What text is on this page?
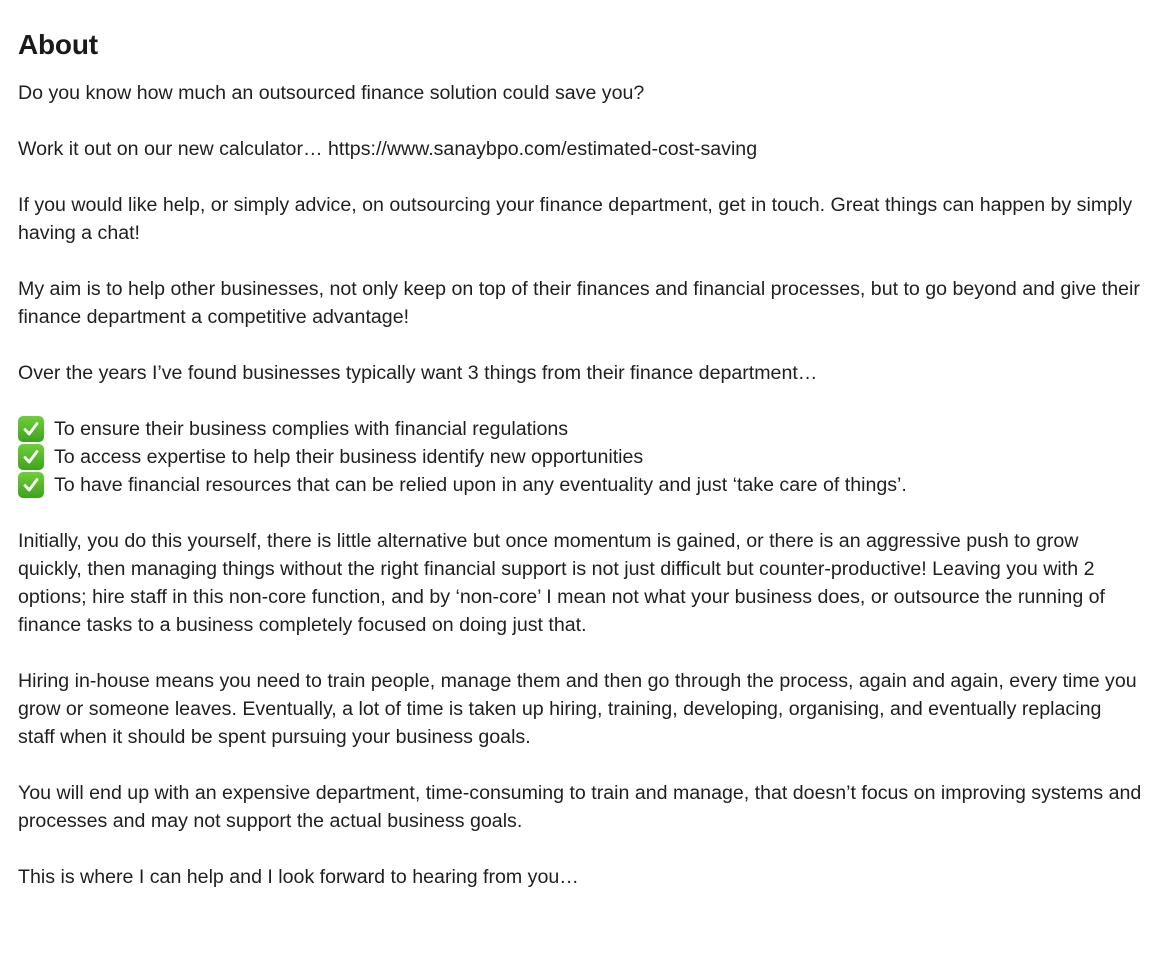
About

Do you know how much an outsourced finance solution could save you?

Work it out on our new calculator… https://www.sanaybpo.com/estimated-cost-saving

If you would like help, or simply advice, on outsourcing your finance department, get in touch. Great things can happen by simply having a chat!

My aim is to help other businesses, not only keep on top of their finances and financial processes, but to go beyond and give their finance department a competitive advantage!

Over the years I’ve found businesses typically want 3 things from their finance department…

To ensure their business complies with financial regulations
To access expertise to help their business identify new opportunities
To have financial resources that can be relied upon in any eventuality and just ‘take care of things’.

Initially, you do this yourself, there is little alternative but once momentum is gained, or there is an aggressive push to grow quickly, then managing things without the right financial support is not just difficult but counter-productive! Leaving you with 2 options; hire staff in this non-core function, and by ‘non-core’ I mean not what your business does, or outsource the running of finance tasks to a business completely focused on doing just that.

Hiring in-house means you need to train people, manage them and then go through the process, again and again, every time you grow or someone leaves. Eventually, a lot of time is taken up hiring, training, developing, organising, and eventually replacing staff when it should be spent pursuing your business goals.

You will end up with an expensive department, time-consuming to train and manage, that doesn’t focus on improving systems and processes and may not support the actual business goals.

This is where I can help and I look forward to hearing from you…
